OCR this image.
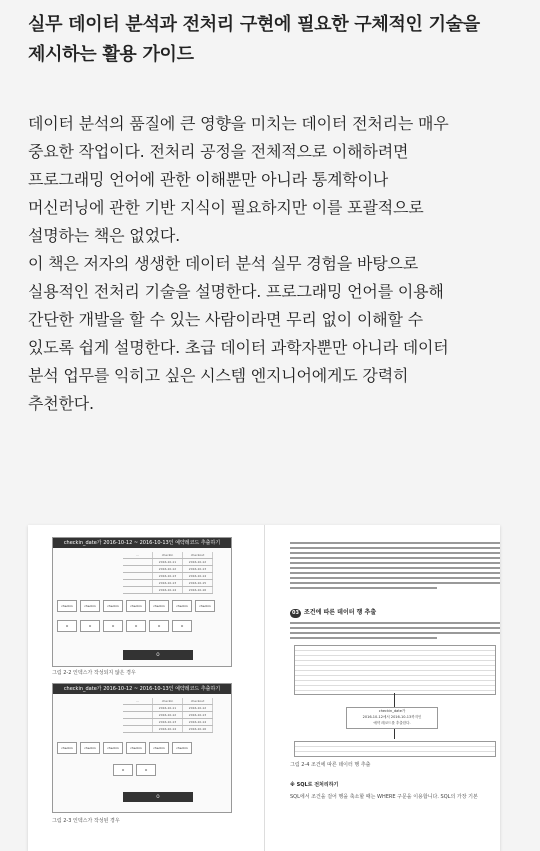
실무 데이터 분석과 전처리 구현에 필요한 구체적인 기술을
제시하는 활용 가이드

데이터 분석의 품질에 큰 영향을 미치는 데이터 전처리는 매우
중요한 작업이다. 전처리 공정을 전체적으로 이해하려면
프로그래밍 언어에 관한 이해뿐만 아니라 통계학이나
머신러닝에 관한 기반 지식이 필요하지만 이를 포괄적으로
설명하는 책은 없었다.

이 책은 저자의 생생한 데이터 분석 실무 경험을 바탕으로
실용적인 전처리 기술을 설명한다. 프로그래밍 언어를 이용해
간단한 개발을 할 수 있는 사람이라면 무리 없이 이해할 수
있도록 쉽게 설명한다. 초급 데이터 과학자뿐만 아니라 데이터
분석 업무를 익히고 싶은 시스템 엔지니어에게도 강력히
추천한다.

checkin_date가 2016-10-12 ~ 2016-10-13인 예약레코드 추출하기
...	checkin	checkout
2016-10-11	2016-10-12
2016-10-12	2016-10-13
2016-10-13	2016-10-14
2016-10-13	2016-10-15
2016-10-14	2016-10-16
checkin	checkin	checkin	checkin	checkin	checkin	checkin
O	O	O	O	O	O
O
그림 2-2 인덱스가 작성되지 않은 경우
checkin_date가 2016-10-12 ~ 2016-10-13인 예약레코드 추출하기
...	checkin	checkout
2016-10-11	2016-10-12
2016-10-12	2016-10-13
2016-10-13	2016-10-14
2016-10-14	2016-10-16
checkin	checkin	checkin	checkin	checkin	checkin
O	O
O
그림 2-3 인덱스가 작성된 경우
03 조건에 따른 데이터 행 추출
checkin_date가
2016-10-12에서 2016-10-13까지인
예약 레코드를 추출한다.
그림 2-4 조건에 따른 데이터 행 추출
※ SQL로 전처리하기
SQL에서 조건을 걸어 행을 축소할 때는 WHERE 구문을 이용합니다. SQL의 가장 기본
